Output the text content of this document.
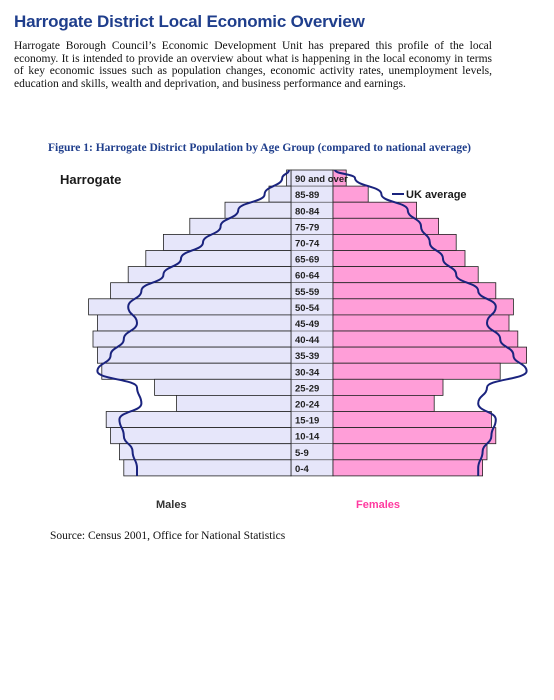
Harrogate District Local Economic Overview
Harrogate Borough Council’s Economic Development Unit has prepared this profile of the local economy. It is intended to provide an overview about what is happening in the local economy in terms of key economic issues such as population changes, economic activity rates, unemployment levels, education and skills, wealth and deprivation, and business performance and earnings.
Figure 1: Harrogate District Population by Age Group (compared to national average)
90 and over
85-89
80-84
75-79
70-74
65-69
60-64
55-59
50-54
45-49
40-44
35-39
30-34
25-29
20-24
15-19
10-14
5-9
0-4
Harrogate
UK average
Males	Females
Source: Census 2001, Office for National Statistics
